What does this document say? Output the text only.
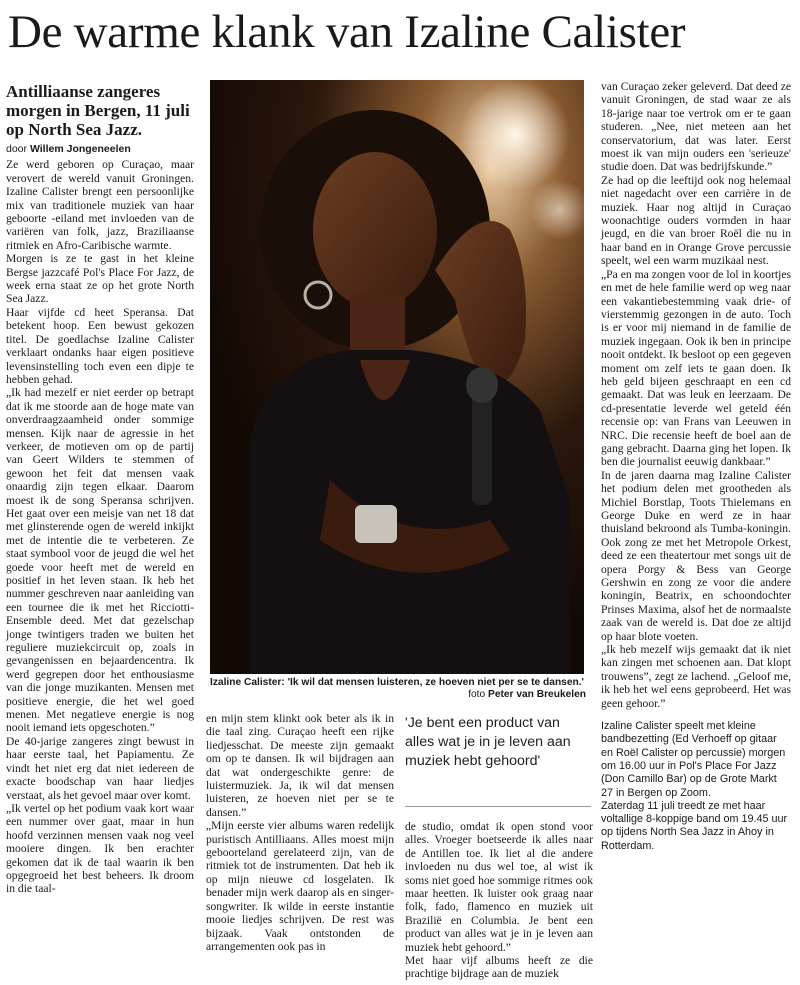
De warme klank van Izaline Calister
Antilliaanse zangeres morgen in Bergen, 11 juli op North Sea Jazz.
door Willem Jongeneelen

Ze werd geboren op Curaçao, maar verovert de wereld vanuit Groningen. Izaline Calister brengt een persoonlijke mix van traditionele muziek van haar geboorte -eiland met invloeden van de variëren van folk, jazz, Braziliaanse ritmiek en Afro-Caribische warmte.

Morgen is ze te gast in het kleine Bergse jazzcafé Pol's Place For Jazz, de week erna staat ze op het grote North Sea Jazz.

Haar vijfde cd heet Speransa. Dat betekent hoop. Een bewust gekozen titel. De goedlachse Izaline Calister verklaart ondanks haar eigen positieve levensinstelling toch even een dipje te hebben gehad.

„Ik had mezelf er niet eerder op betrapt dat ik me stoorde aan de hoge mate van onverdraagzaamheid onder sommige mensen. Kijk naar de agressie in het verkeer, de motieven om op de partij van Geert Wilders te stemmen of gewoon het feit dat mensen vaak onaardig zijn tegen elkaar. Daarom moest ik de song Speransa schrijven. Het gaat over een meisje van net 18 dat met glinsterende ogen de wereld inkijkt met de intentie die te verbeteren. Ze staat symbool voor de jeugd die wel het goede voor heeft met de wereld en positief in het leven staan. Ik heb het nummer geschreven naar aanleiding van een tournee die ik met het Ricciotti-Ensemble deed. Met dat gezelschap jonge twintigers traden we buiten het reguliere muziekcircuit op, zoals in gevangenissen en bejaardencentra. Ik werd gegrepen door het enthousiasme van die jonge muzikanten. Mensen met positieve energie, die het wel goed menen. Met negatieve energie is nog nooit iemand iets opgeschoten.”

De 40-jarige zangeres zingt bewust in haar eerste taal, het Papiamentu. Ze vindt het niet erg dat niet iedereen de exacte boodschap van haar liedjes verstaat, als het gevoel maar over komt.

„Ik vertel op het podium vaak kort waar een nummer over gaat, maar in hun hoofd verzinnen mensen vaak nog veel mooiere dingen. Ik ben erachter gekomen dat ik de taal waarin ik ben opgegroeid het best beheers. Ik droom in die taal-

Izaline Calister: 'Ik wil dat mensen luisteren, ze hoeven niet per se te dansen.'
foto Peter van Breukelen

en mijn stem klinkt ook beter als ik in die taal zing. Curaçao heeft een rijke liedjesschat. De meeste zijn gemaakt om op te dansen. Ik wil bijdragen aan dat wat ondergeschikte genre: de luistermuziek. Ja, ik wil dat mensen luisteren, ze hoeven niet per se te dansen.”

„Mijn eerste vier albums waren redelijk puristisch Antilliaans. Alles moest mijn geboorteland gerelateerd zijn, van de ritmiek tot de instrumenten. Dat heb ik op mijn nieuwe cd losgelaten. Ik benader mijn werk daarop als en singer-songwriter. Ik wilde in eerste instantie mooie liedjes schrijven. De rest was bijzaak. Vaak ontstonden de arrangementen ook pas in

'Je bent een product van alles wat je in je leven aan muziek hebt gehoord'

de studio, omdat ik open stond voor alles. Vroeger boetseerde ik alles naar de Antillen toe. Ik liet al die andere invloeden nu dus wel toe, al wist ik soms niet goed hoe sommige ritmes ook maar heetten. Ik luister ook graag naar folk, fado, flamenco en muziek uit Brazilië en Columbia. Je bent een product van alles wat je in je leven aan muziek hebt gehoord.”

Met haar vijf albums heeft ze die prachtige bijdrage aan de muziek

van Curaçao zeker geleverd. Dat deed ze vanuit Groningen, de stad waar ze als 18-jarige naar toe vertrok om er te gaan studeren. „Nee, niet meteen aan het conservatorium, dat was later. Eerst moest ik van mijn ouders een 'serieuze' studie doen. Dat was bedrijfskunde.”

Ze had op die leeftijd ook nog helemaal niet nagedacht over een carrière in de muziek. Haar nog altijd in Curaçao woonachtige ouders vormden in haar jeugd, en die van broer Roël die nu in haar band en in Orange Grove percussie speelt, wel een warm muzikaal nest.

„Pa en ma zongen voor de lol in koortjes en met de hele familie werd op weg naar een vakantiebestemming vaak drie- of vierstemmig gezongen in de auto. Toch is er voor mij niemand in de familie de muziek ingegaan. Ook ik ben in principe nooit ontdekt. Ik besloot op een gegeven moment om zelf iets te gaan doen. Ik heb geld bijeen geschraapt en een cd gemaakt. Dat was leuk en leerzaam. De cd-presentatie leverde wel geteld één recensie op: van Frans van Leeuwen in NRC. Die recensie heeft de boel aan de gang gebracht. Daarna ging het lopen. Ik ben die journalist eeuwig dankbaar.”

In de jaren daarna mag Izaline Calister het podium delen met grootheden als Michiel Borstlap, Toots Thielemans en George Duke en werd ze in haar thuisland bekroond als Tumba-koningin. Ook zong ze met het Metropole Orkest, deed ze een theatertour met songs uit de opera Porgy & Bess van George Gershwin en zong ze voor die andere koningin, Beatrix, en schoondochter Prinses Maxima, alsof het de normaalste zaak van de wereld is. Dat doe ze altijd op haar blote voeten.

„Ik heb mezelf wijs gemaakt dat ik niet kan zingen met schoenen aan. Dat klopt trouwens”, zegt ze lachend. „Geloof me, ik heb het wel eens geprobeerd. Het was geen gehoor.”

Izaline Calister speelt met kleine bandbezetting (Ed Verhoeff op gitaar en Roël Calister op percussie) morgen om 16.00 uur in Pol's Place For Jazz (Don Camillo Bar) op de Grote Markt 27 in Bergen op Zoom.

Zaterdag 11 juli treedt ze met haar voltallige 8-koppige band om 19.45 uur op tijdens North Sea Jazz in Ahoy in Rotterdam.
